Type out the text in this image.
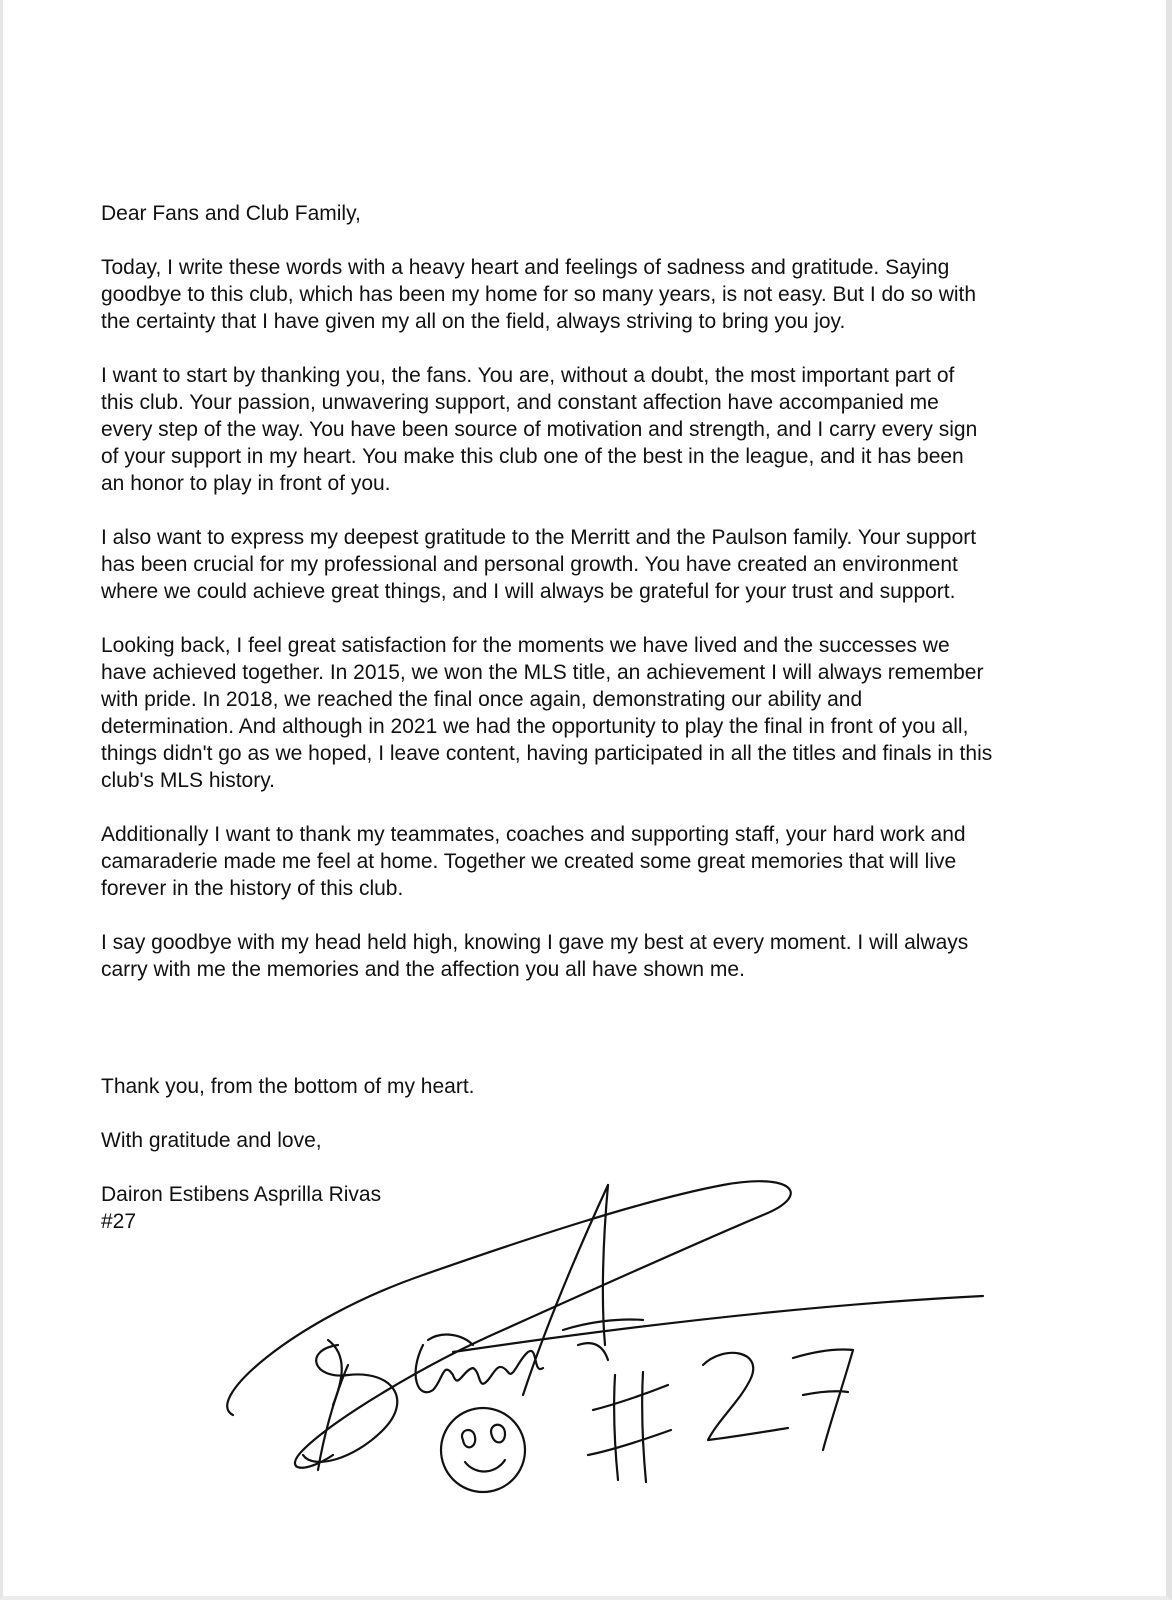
Dear Fans and Club Family,

Today, I write these words with a heavy heart and feelings of sadness and gratitude. Saying
goodbye to this club, which has been my home for so many years, is not easy. But I do so with
the certainty that I have given my all on the field, always striving to bring you joy.

I want to start by thanking you, the fans. You are, without a doubt, the most important part of
this club. Your passion, unwavering support, and constant affection have accompanied me
every step of the way. You have been source of motivation and strength, and I carry every sign
of your support in my heart. You make this club one of the best in the league, and it has been
an honor to play in front of you.

I also want to express my deepest gratitude to the Merritt and the Paulson family. Your support
has been crucial for my professional and personal growth. You have created an environment
where we could achieve great things, and I will always be grateful for your trust and support.

Looking back, I feel great satisfaction for the moments we have lived and the successes we
have achieved together. In 2015, we won the MLS title, an achievement I will always remember
with pride. In 2018, we reached the final once again, demonstrating our ability and
determination. And although in 2021 we had the opportunity to play the final in front of you all,
things didn't go as we hoped, I leave content, having participated in all the titles and finals in this
club's MLS history.

Additionally I want to thank my teammates, coaches and supporting staff, your hard work and
camaraderie made me feel at home. Together we created some great memories that will live
forever in the history of this club.

I say goodbye with my head held high, knowing I gave my best at every moment. I will always
carry with me the memories and the affection you all have shown me.

Thank you, from the bottom of my heart.

With gratitude and love,

Dairon Estibens Asprilla Rivas

#27
